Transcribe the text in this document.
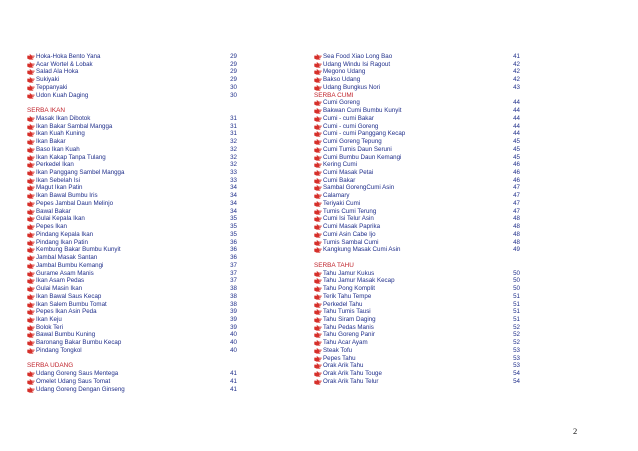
Hoka-Hoka Bento Yana	29
Acar Wortel & Lobak	29
Salad Ala Hoka	29
Sukiyaki	29
Teppanyaki	30
Udon Kuah Daging	30
SERBA IKAN
Masak Ikan Dibotok	31
Ikan Bakar Sambal Mangga	31
Ikan Kuah Kuning	31
Ikan Bakar	32
Baso Ikan Kuah	32
Ikan Kakap Tanpa Tulang	32
Perkedel Ikan	32
Ikan Panggang Sambel Mangga	33
Ikan Sebelah Isi	33
Magut Ikan Patin	34
Ikan Bawal Bumbu Iris	34
Pepes Jambal Daun Melinjo	34
Bawal Bakar	34
Gulai Kepala Ikan	35
Pepes Ikan	35
Pindang Kepala Ikan	35
Pindang Ikan Patin	36
Kembung Bakar Bumbu Kunyit	36
Jambal Masak Santan	36
Jambal Bumbu Kemangi	37
Gurame Asam Manis	37
Ikan Asam Pedas	37
Gulai Masin Ikan	38
Ikan Bawal Saus Kecap	38
Ikan Salem Bumbu Tomat	38
Pepes Ikan Asin Peda	39
Ikan Keju	39
Bolok Teri	39
Bawal Bumbu Kuning	40
Baronang Bakar Bumbu Kecap	40
Pindang Tongkol	40
SERBA UDANG
Udang Goreng Saus Mentega	41
Omelet Udang Saus Tomat	41
Udang Goreng Dengan Ginseng	41
Sea Food Xiao Long Bao	41
Udang Windu Isi Ragout	42
Megono Udang	42
Bakso Udang	42
Udang Bungkus Nori	43
SERBA CUMI
Cumi Goreng	44
Bakwan Cumi Bumbu Kunyit	44
Cumi - cumi Bakar	44
Cumi - cumi Goreng	44
Cumi - cumi Panggang Kecap	44
Cumi Goreng Tepung	45
Cumi Tumis Daun Seruni	45
Cumi Bumbu Daun Kemangi	45
Kering Cumi	46
Cumi Masak Petai	46
Cumi Bakar	46
Sambal GorengCumi Asin	47
Calamary	47
Teriyaki Cumi	47
Tumis Cumi Terung	47
Cumi Isi Telur Asin	48
Cumi Masak Paprika	48
Cumi Asin Cabe Ijo	48
Tumis Sambal Cumi	48
Kangkung Masak Cumi Asin	49
SERBA TAHU
Tahu Jamur Kukus	50
Tahu Jamur Masak Kecap	50
Tahu Pong Komplit	50
Terik Tahu Tempe	51
Perkedel Tahu	51
Tahu Tumis Tausi	51
Tahu Siram Daging	51
Tahu Pedas Manis	52
Tahu Goreng Panir	52
Tahu Acar Ayam	52
Steak Tofu	53
Pepes Tahu	53
Orak Arik Tahu	53
Orak Arik Tahu Touge	54
Orak Arik Tahu Telur	54
2
